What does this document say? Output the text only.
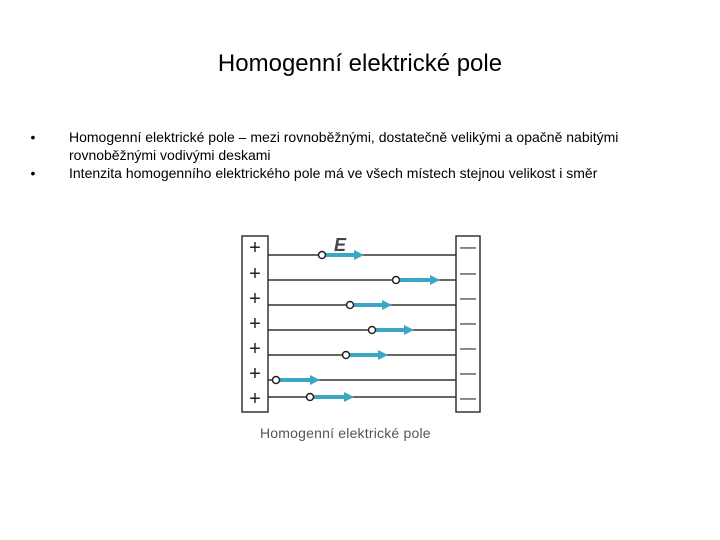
Homogenní elektrické pole
• Homogenní elektrické pole – mezi rovnoběžnými, dostatečně velikými a opačně nabitými rovnoběžnými vodivými deskami
• Intenzita homogenního elektrického pole má ve všech místech stejnou velikost i směr
+
+
+
+
+
+
+
—
—
—
—
—
—
—
E
Homogenní elektrické pole
